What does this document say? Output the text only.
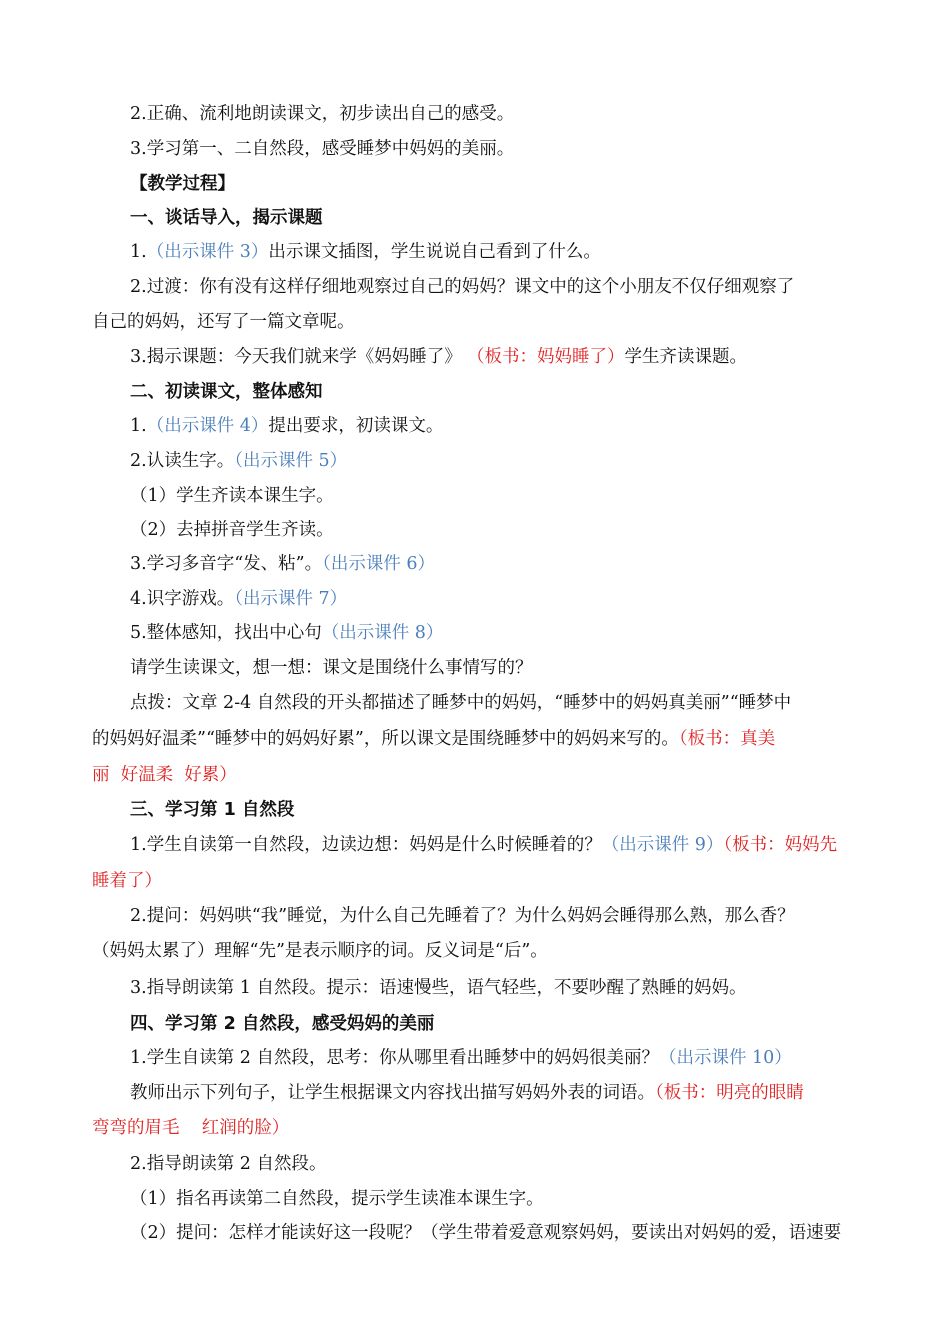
2.正确、流利地朗读课文，初步读出自己的感受。
3.学习第一、二自然段，感受睡梦中妈妈的美丽。
【教学过程】
一、谈话导入，揭示课题
1.（出示课件 3）出示课文插图，学生说说自己看到了什么。
2.过渡：你有没有这样仔细地观察过自己的妈妈？课文中的这个小朋友不仅仔细观察了
自己的妈妈，还写了一篇文章呢。
3.揭示课题：今天我们就来学《妈妈睡了》 （板书：妈妈睡了）学生齐读课题。
二、初读课文，整体感知
1.（出示课件 4）提出要求，初读课文。
2.认读生字。（出示课件 5）
（1）学生齐读本课生字。
（2）去掉拼音学生齐读。
3.学习多音字“发、粘”。（出示课件 6）
4.识字游戏。（出示课件 7）
5.整体感知，找出中心句（出示课件 8）
请学生读课文，想一想：课文是围绕什么事情写的？
点拨：文章 2-4 自然段的开头都描述了睡梦中的妈妈，“睡梦中的妈妈真美丽”“睡梦中
的妈妈好温柔”“睡梦中的妈妈好累”，所以课文是围绕睡梦中的妈妈来写的。（板书：真美
丽  好温柔  好累）
三、学习第 1 自然段
1.学生自读第一自然段，边读边想：妈妈是什么时候睡着的？（出示课件 9）（板书：妈妈先
睡着了）
2.提问：妈妈哄“我”睡觉，为什么自己先睡着了？为什么妈妈会睡得那么熟，那么香？
（妈妈太累了）理解“先”是表示顺序的词。反义词是“后”。
3.指导朗读第 1 自然段。提示：语速慢些，语气轻些，不要吵醒了熟睡的妈妈。
四、学习第 2 自然段，感受妈妈的美丽
1.学生自读第 2 自然段，思考：你从哪里看出睡梦中的妈妈很美丽？（出示课件 10）
教师出示下列句子，让学生根据课文内容找出描写妈妈外表的词语。（板书：明亮的眼睛
弯弯的眉毛    红润的脸）
2.指导朗读第 2 自然段。
（1）指名再读第二自然段，提示学生读准本课生字。
（2）提问：怎样才能读好这一段呢？（学生带着爱意观察妈妈，要读出对妈妈的爱，语速要
